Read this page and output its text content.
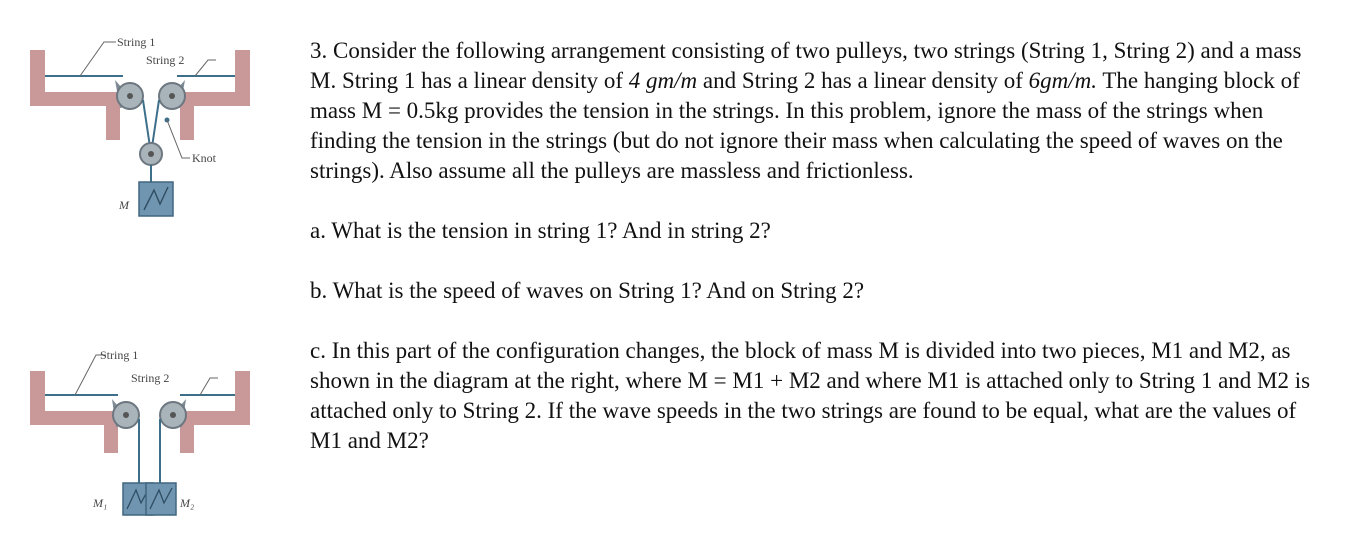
String 1
String 2
Knot
M
String 1
String 2
M₁	M₂

3. Consider the following arrangement consisting of two pulleys, two strings (String 1, String 2) and a mass M. String 1 has a linear density of 4 gm/m and String 2 has a linear density of 6gm/m. The hanging block of mass M = 0.5kg provides the tension in the strings. In this problem, ignore the mass of the strings when finding the tension in the strings (but do not ignore their mass when calculating the speed of waves on the strings). Also assume all the pulleys are massless and frictionless.

a. What is the tension in string 1? And in string 2?

b. What is the speed of waves on String 1? And on String 2?

c. In this part of the configuration changes, the block of mass M is divided into two pieces, M1 and M2, as shown in the diagram at the right, where M = M1 + M2 and where M1 is attached only to String 1 and M2 is attached only to String 2. If the wave speeds in the two strings are found to be equal, what are the values of M1 and M2?
